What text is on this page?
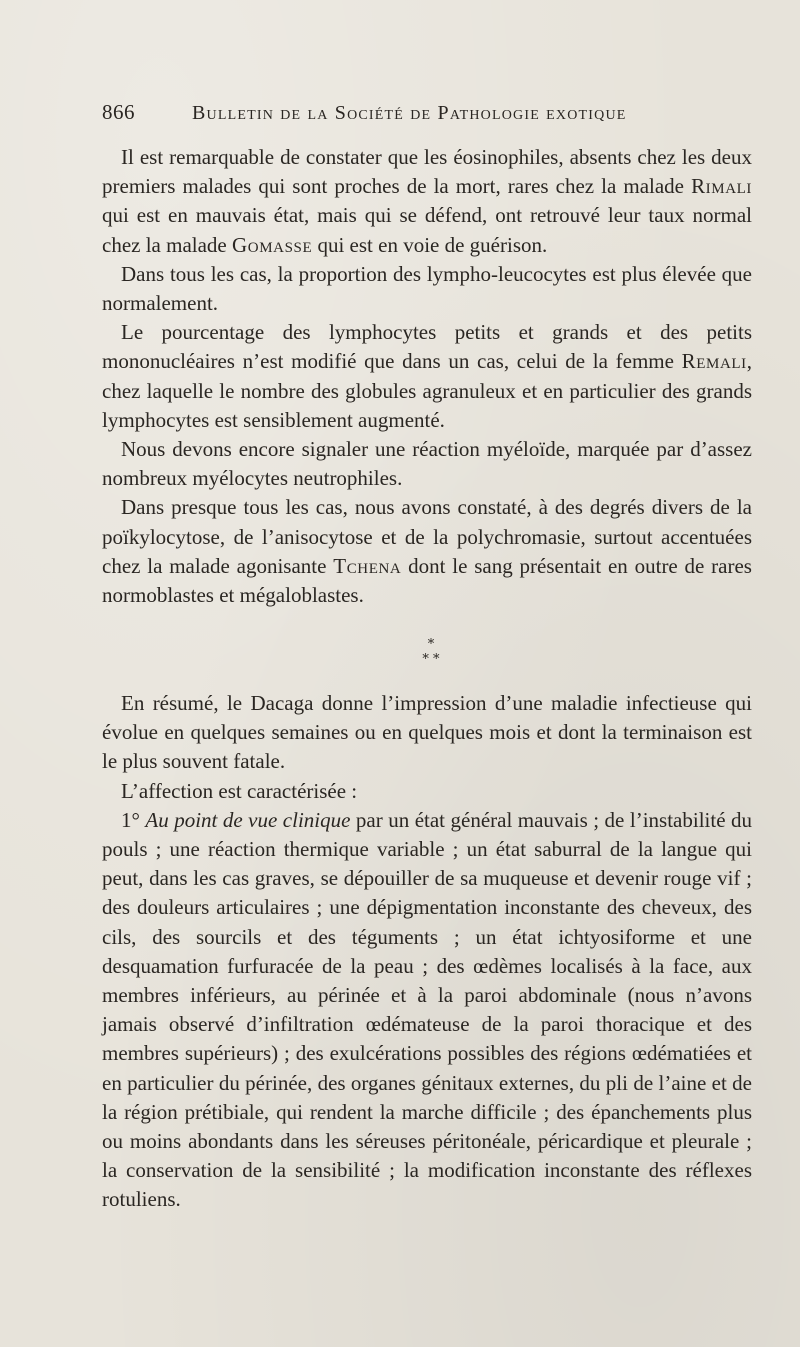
866	Bulletin de la Société de Pathologie exotique

Il est remarquable de constater que les éosinophiles, absents chez les deux premiers malades qui sont proches de la mort, rares chez la malade Rimali qui est en mauvais état, mais qui se défend, ont retrouvé leur taux normal chez la malade Gomasse qui est en voie de guérison.

Dans tous les cas, la proportion des lympho-leucocytes est plus élevée que normalement.

Le pourcentage des lymphocytes petits et grands et des petits mononucléaires n’est modifié que dans un cas, celui de la femme Remali, chez laquelle le nombre des globules agranuleux et en particulier des grands lymphocytes est sensiblement augmenté.

Nous devons encore signaler une réaction myéloïde, marquée par d’assez nombreux myélocytes neutrophiles.

Dans presque tous les cas, nous avons constaté, à des degrés divers de la poïkylocytose, de l’anisocytose et de la polychromasie, surtout accentuées chez la malade agonisante Tchena dont le sang présentait en outre de rares normoblastes et mégaloblastes.

*
* *

En résumé, le Dacaga donne l’impression d’une maladie infectieuse qui évolue en quelques semaines ou en quelques mois et dont la terminaison est le plus souvent fatale.

L’affection est caractérisée :

1° Au point de vue clinique par un état général mauvais ; de l’instabilité du pouls ; une réaction thermique variable ; un état saburral de la langue qui peut, dans les cas graves, se dépouiller de sa muqueuse et devenir rouge vif ; des douleurs articulaires ; une dépigmentation inconstante des cheveux, des cils, des sourcils et des téguments ; un état ichtyosiforme et une desquamation furfuracée de la peau ; des œdèmes localisés à la face, aux membres inférieurs, au périnée et à la paroi abdominale (nous n’avons jamais observé d’infiltration œdémateuse de la paroi thoracique et des membres supérieurs) ; des exulcérations possibles des régions œdématiées et en particulier du périnée, des organes génitaux externes, du pli de l’aine et de la région prétibiale, qui rendent la marche difficile ; des épanchements plus ou moins abondants dans les séreuses péritonéale, péricardique et pleurale ; la conservation de la sensibilité ; la modification inconstante des réflexes rotuliens.
